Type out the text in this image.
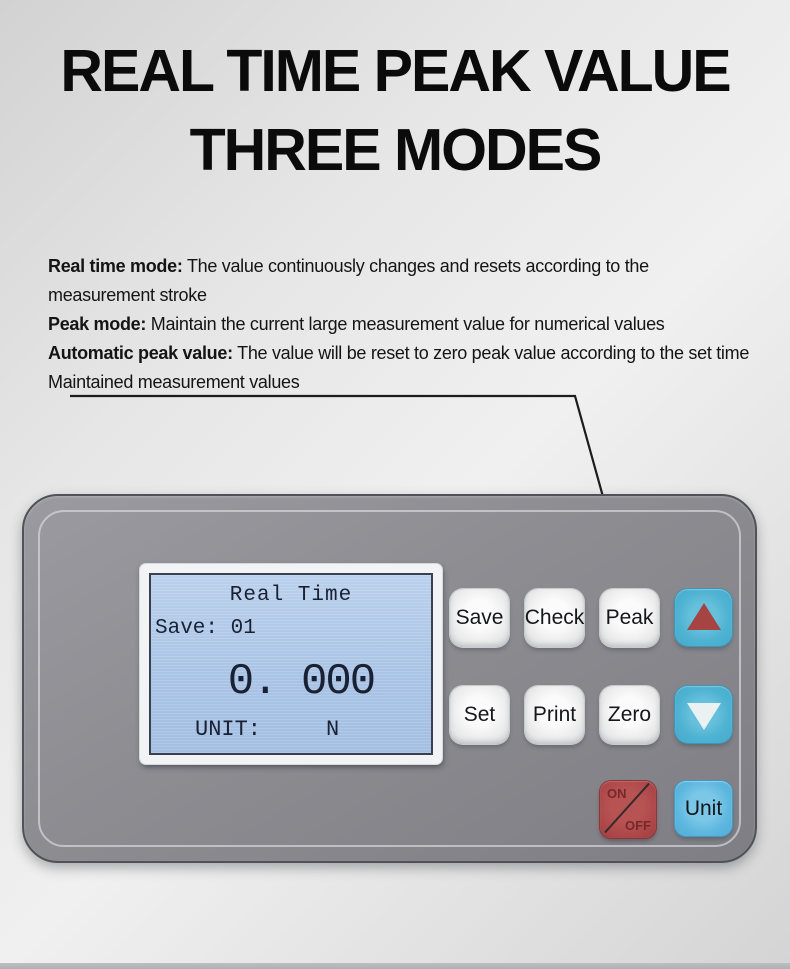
REAL TIME PEAK VALUE
THREE MODES
Real time mode: The value continuously changes and resets according to the measurement stroke
Peak mode: Maintain the current large measurement value for numerical values
Automatic peak value: The value will be reset to zero peak value according to the set time
Maintained measurement values
Real Time
Save: 01
0. 000
UNIT:	N
Save Check Peak
Set Print Zero
ON
OFF
Unit
